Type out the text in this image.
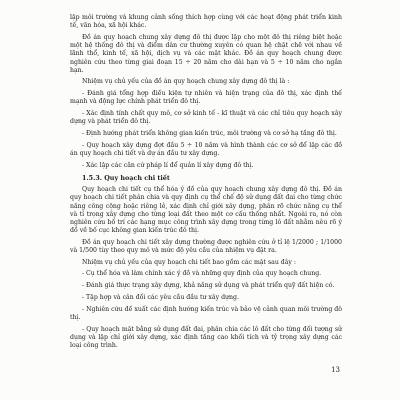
lập môi trường và khung cảnh sống thích hợp cùng với các hoạt động phát triển kinh tế, văn hóa, xã hội khác.

Đồ án quy hoạch chung xây dựng đô thị được lập cho một đô thị riêng biệt hoặc một hệ thống đô thị và điểm dân cư thường xuyên có quan hệ chặt chẽ với nhau về lãnh thổ, kinh tế, xã hội, dịch vụ và các mặt khác. Đồ án quy hoạch chung được nghiên cứu theo từng giai đoạn 15 ÷ 20 năm cho dài hạn và 5 ÷ 10 năm cho ngắn hạn.

Nhiệm vụ chủ yếu của đồ án quy hoạch chung xây dựng đô thị là :

- Đánh giá tổng hợp điều kiện tự nhiên và hiện trạng của đô thị, xác định thế mạnh và động lực chính phát triển đô thị.

- Xác định tính chất quy mô, cơ sở kinh tế - kĩ thuật và các chỉ tiêu quy hoạch xây dựng và phát triển đô thị.

- Định hướng phát triển không gian kiến trúc, môi trường và cơ sở hạ tầng đô thị.

- Quy hoạch xây dựng đợt đầu 5 ÷ 10 năm và hình thành các cơ sở để lập các đồ án quy hoạch chi tiết và dự án đầu tư xây dựng.

- Xác lập các căn cứ pháp lí để quản lí xây dựng đô thị.

1.5.3. Quy hoạch chi tiết

Quy hoạch chi tiết cụ thể hóa ý đồ của quy hoạch chung xây dựng đô thị. Đồ án quy hoạch chi tiết phân chia và quy định cụ thể chế độ sử dụng đất đai cho từng chức năng công cộng hoặc riêng lẻ, xác định chỉ giới xây dựng, phân rõ chức năng cụ thể và tỉ trọng xây dựng cho từng loại đất theo một cơ cấu thống nhất. Ngoài ra, nó còn nghiên cứu bố trí các hạng mục công trình xây dựng trong từng lô đất nhằm nêu rõ ý đồ về bố cục không gian kiến trúc đô thị.

Đồ án quy hoạch chi tiết xây dựng thường được nghiên cứu ở tỉ lệ 1/2000 ; 1/1000 và 1/500 tùy theo quy mô và mức độ yêu cầu của nhiệm vụ đặt ra.

Nhiệm vụ chủ yếu của quy hoạch chi tiết bao gồm các mặt sau đây :

- Cụ thể hóa và làm chính xác ý đồ và những quy định của quy hoạch chung.

- Đánh giá thực trạng xây dựng, khả năng sử dụng và phát triển quỹ đất hiện có.

- Tập hợp và cân đối các yêu cầu đầu tư xây dựng.

- Nghiên cứu đề xuất các định hướng kiến trúc và bảo vệ cảnh quan môi trường đô thị.

- Quy hoạch mặt bằng sử dụng đất đai, phân chia các lô đất cho từng đối tượng sử dụng và lập chỉ giới xây dựng, xác định tầng cao khối tích và tỷ trọng xây dựng các loại công trình.

13
